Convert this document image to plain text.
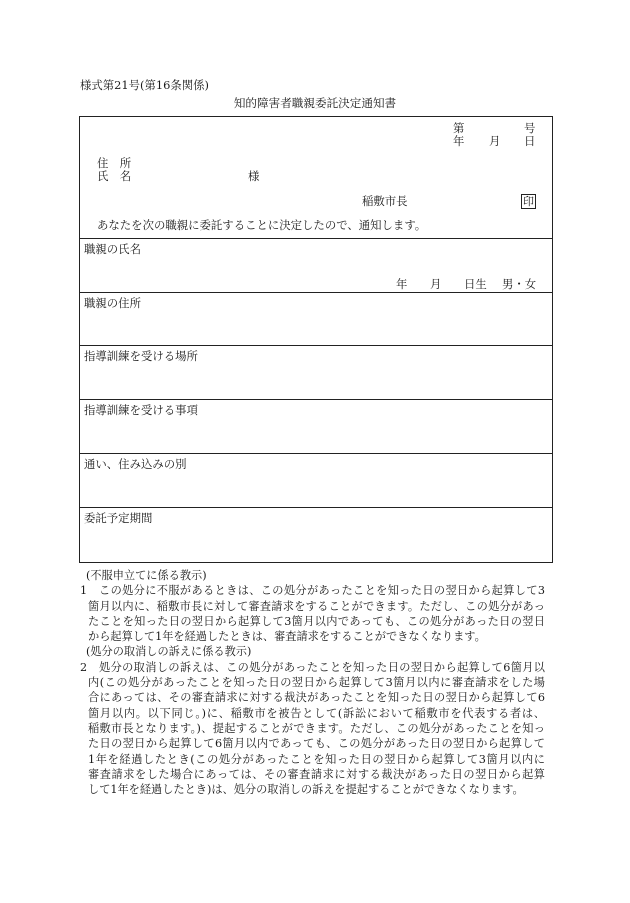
様式第21号(第16条関係)
知的障害者職親委託決定通知書
第	号
年 月 日
住　所
氏　名	様
稲敷市長	印
あなたを次の職親に委託することに決定したので、通知します。
職親の氏名
年 月 日生 男・女
職親の住所
指導訓練を受ける場所
指導訓練を受ける事項
通い、住み込みの別
委託予定期間
(不服申立てに係る教示)
1　この処分に不服があるときは、この処分があったことを知った日の翌日から起算して3
箇月以内に、稲敷市長に対して審査請求をすることができます。ただし、この処分があっ
たことを知った日の翌日から起算して3箇月以内であっても、この処分があった日の翌日
から起算して1年を経過したときは、審査請求をすることができなくなります。
(処分の取消しの訴えに係る教示)
2　処分の取消しの訴えは、この処分があったことを知った日の翌日から起算して6箇月以
内(この処分があったことを知った日の翌日から起算して3箇月以内に審査請求をした場
合にあっては、その審査請求に対する裁決があったことを知った日の翌日から起算して6
箇月以内。以下同じ。)に、稲敷市を被告として(訴訟において稲敷市を代表する者は、
稲敷市長となります。)、提起することができます。ただし、この処分があったことを知っ
た日の翌日から起算して6箇月以内であっても、この処分があった日の翌日から起算して
1年を経過したとき(この処分があったことを知った日の翌日から起算して3箇月以内に
審査請求をした場合にあっては、その審査請求に対する裁決があった日の翌日から起算
して1年を経過したとき)は、処分の取消しの訴えを提起することができなくなります。
